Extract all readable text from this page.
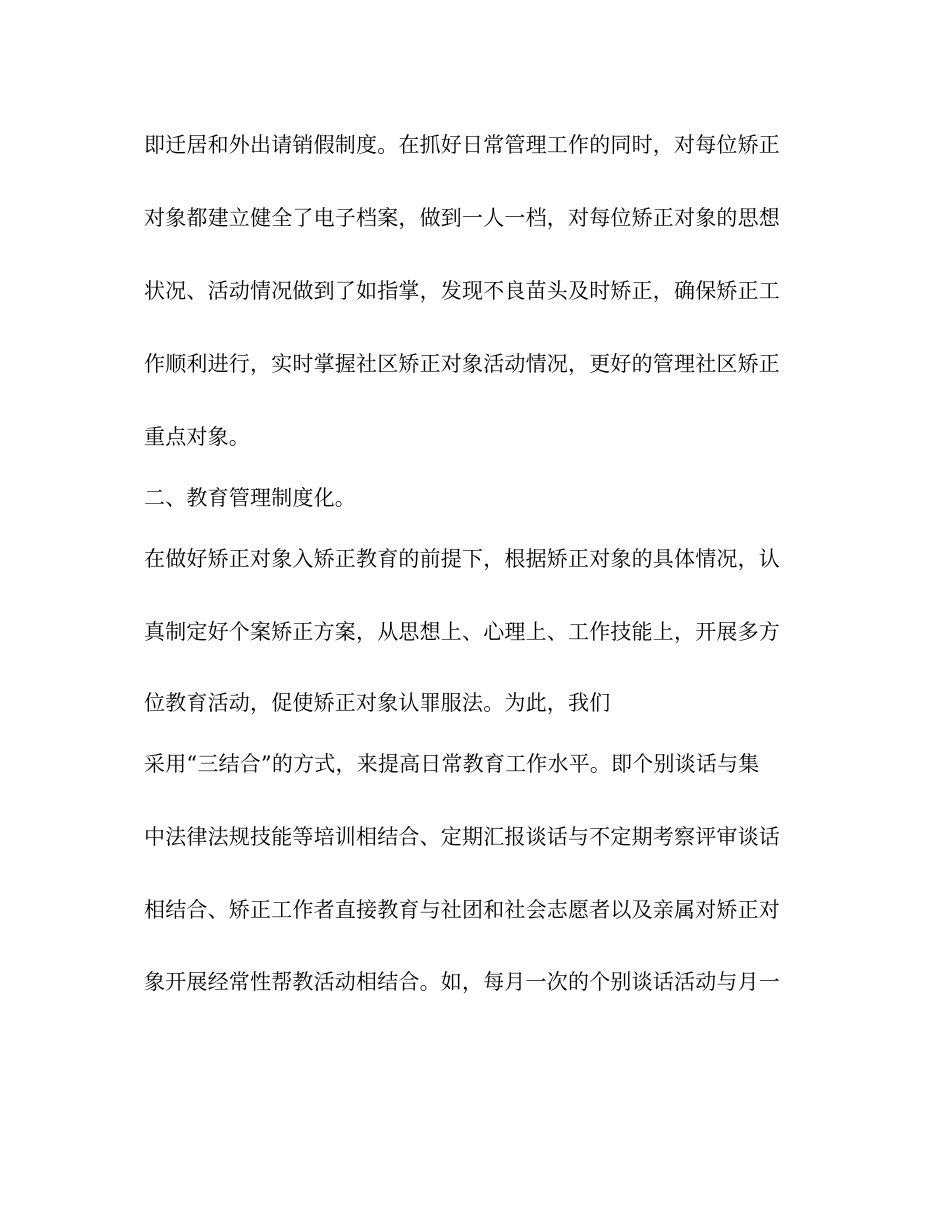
即迁居和外出请销假制度。在抓好日常管理工作的同时，对每位矫正
对象都建立健全了电子档案，做到一人一档，对每位矫正对象的思想
状况、活动情况做到了如指掌，发现不良苗头及时矫正，确保矫正工
作顺利进行，实时掌握社区矫正对象活动情况，更好的管理社区矫正
重点对象。
二、教育管理制度化。
在做好矫正对象入矫正教育的前提下，根据矫正对象的具体情况，认
真制定好个案矫正方案，从思想上、心理上、工作技能上，开展多方
位教育活动，促使矫正对象认罪服法。为此，我们
采用“三结合”的方式，来提高日常教育工作水平。即个别谈话与集
中法律法规技能等培训相结合、定期汇报谈话与不定期考察评审谈话
相结合、矫正工作者直接教育与社团和社会志愿者以及亲属对矫正对
象开展经常性帮教活动相结合。如，每月一次的个别谈话活动与月一
